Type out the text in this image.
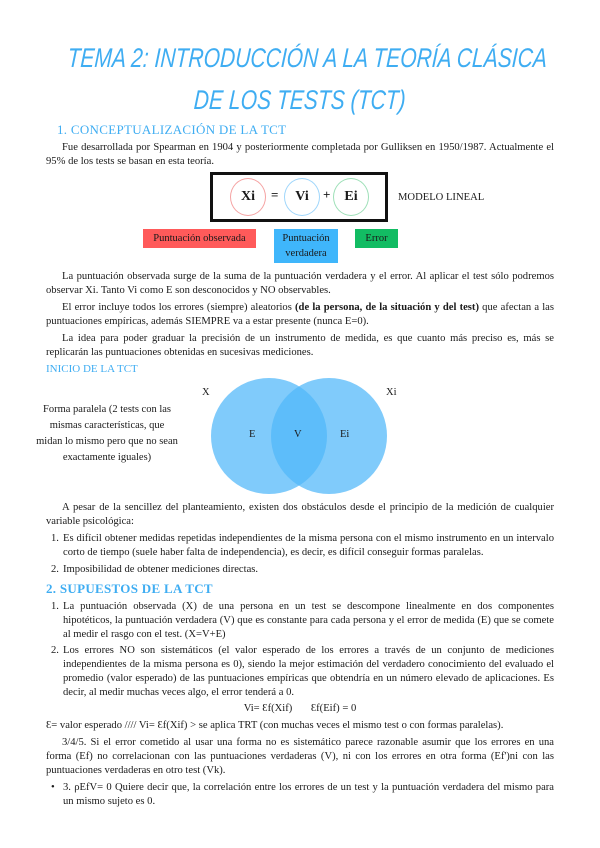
TEMA 2: INTRODUCCIÓN A LA TEORÍA CLÁSICA
DE LOS TESTS (TCT)
1. CONCEPTUALIZACIÓN DE LA TCT
Fue desarrollada por Spearman en 1904 y posteriormente completada por Gulliksen en 1950/1987. Actualmente el 95% de los tests se basan en esta teoría.
Xi	=	Vi	+ Ei	MODELO LINEAL
Puntuación observada	Puntuación verdadera
Error
La puntuación observada surge de la suma de la puntuación verdadera y el error. Al aplicar el test sólo podremos observar Xi. Tanto Vi como E son desconocidos y NO observables.
El error incluye todos los errores (siempre) aleatorios (de la persona, de la situación y del test) que afectan a las puntuaciones empíricas, además SIEMPRE va a estar presente (nunca E=0).
La idea para poder graduar la precisión de un instrumento de medida, es que cuanto más preciso es, más se replicarán las puntuaciones obtenidas en sucesivas mediciones.
INICIO DE LA TCT
X	Xi
E	V	Ei
Forma paralela (2 tests con las mismas características, que midan lo mismo pero que no sean exactamente iguales)
A pesar de la sencillez del planteamiento, existen dos obstáculos desde el principio de la medición de cualquier variable psicológica:
1. Es difícil obtener medidas repetidas independientes de la misma persona con el mismo instrumento en un intervalo corto de tiempo (suele haber falta de independencia), es decir, es difícil conseguir formas paralelas.
2. Imposibilidad de obtener mediciones directas.
2. SUPUESTOS DE LA TCT
1. La puntuación observada (X) de una persona en un test se descompone linealmente en dos componentes hipotéticos, la puntuación verdadera (V) que es constante para cada persona y el error de medida (E) que se comete al medir el rasgo con el test. (X=V+E)
2. Los errores NO son sistemáticos (el valor esperado de los errores a través de un conjunto de mediciones independientes de la misma persona es 0), siendo la mejor estimación del verdadero conocimiento del evaluado el promedio (valor esperado) de las puntuaciones empíricas que obtendría en un número elevado de aplicaciones. Es decir, al medir muchas veces algo, el error tenderá a 0.
Vi= Ɛf(Xif)       Ɛf(Eif) = 0
Ɛ= valor esperado //// Vi= Ɛf(Xif) > se aplica TRT (con muchas veces el mismo test o con formas paralelas).
3/4/5. Si el error cometido al usar una forma no es sistemático parece razonable asumir que los errores en una forma (Ef) no correlacionan con las puntuaciones verdaderas (V), ni con los errores en otra forma (Ef')ni con las puntuaciones verdaderas en otro test (Vk).
• 3. ρEfV= 0 Quiere decir que, la correlación entre los errores de un test y la puntuación verdadera del mismo para un mismo sujeto es 0.
